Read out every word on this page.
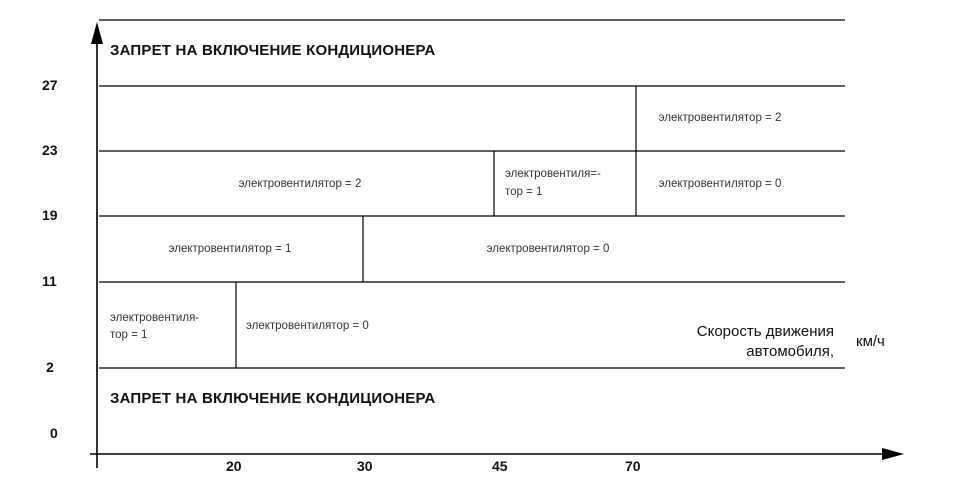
ЗАПРЕТ НА ВКЛЮЧЕНИЕ КОНДИЦИОНЕРА
ЗАПРЕТ НА ВКЛЮЧЕНИЕ КОНДИЦИОНЕРА
27
23
19
11
2
0
20	30	45	70
электровентилятор = 2
электровентилятор = 2
электровентиля=-
тор = 1
электровентилятор = 0
электровентилятор = 1	электровентилятор = 0
электровентиля-
тор = 1
электровентилятор = 0	Скорость движения
автомобиля,
км/ч
